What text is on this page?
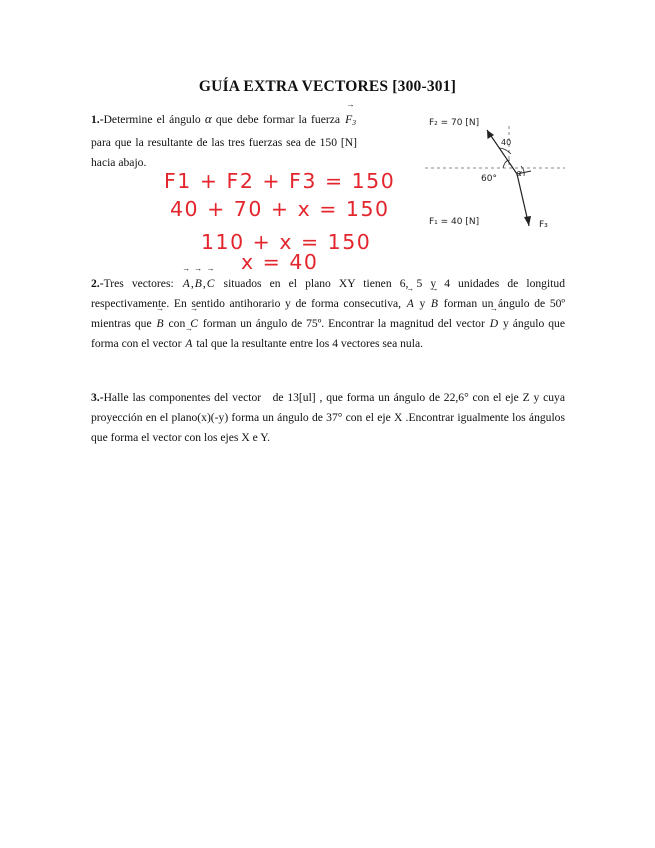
GUÍA EXTRA VECTORES [300-301]
1.-Determine el ángulo α que debe formar la fuerza → $F_3$ para que la resultante de las tres fuerzas sea de 150 [N] hacia abajo.
F1 + F2 + F3 = 150
40 + 70 + x = 150
110 + x = 150
x = 40
F₂ = 70 [N]
40
60° α
F₁ = 40 [N]	F₃
2.-Tres vectores: → A,→ B,→ C situados en el plano XY tienen 6, 5 y 4 unidades de longitud respectivamente. En sentido antihorario y de forma consecutiva, → A y → B forman un ángulo de 50º mientras que → B con → C forman un ángulo de 75º. Encontrar la magnitud del vector → D y ángulo que forma con el vector → A tal que la resultante entre los 4 vectores sea nula.
3.-Halle las componentes del vector   de 13[ul] , que forma un ángulo de 22,6° con el eje Z y cuya proyección en el plano(x)(-y) forma un ángulo de 37° con el eje X .Encontrar igualmente los ángulos que forma el vector con los ejes X e Y.
